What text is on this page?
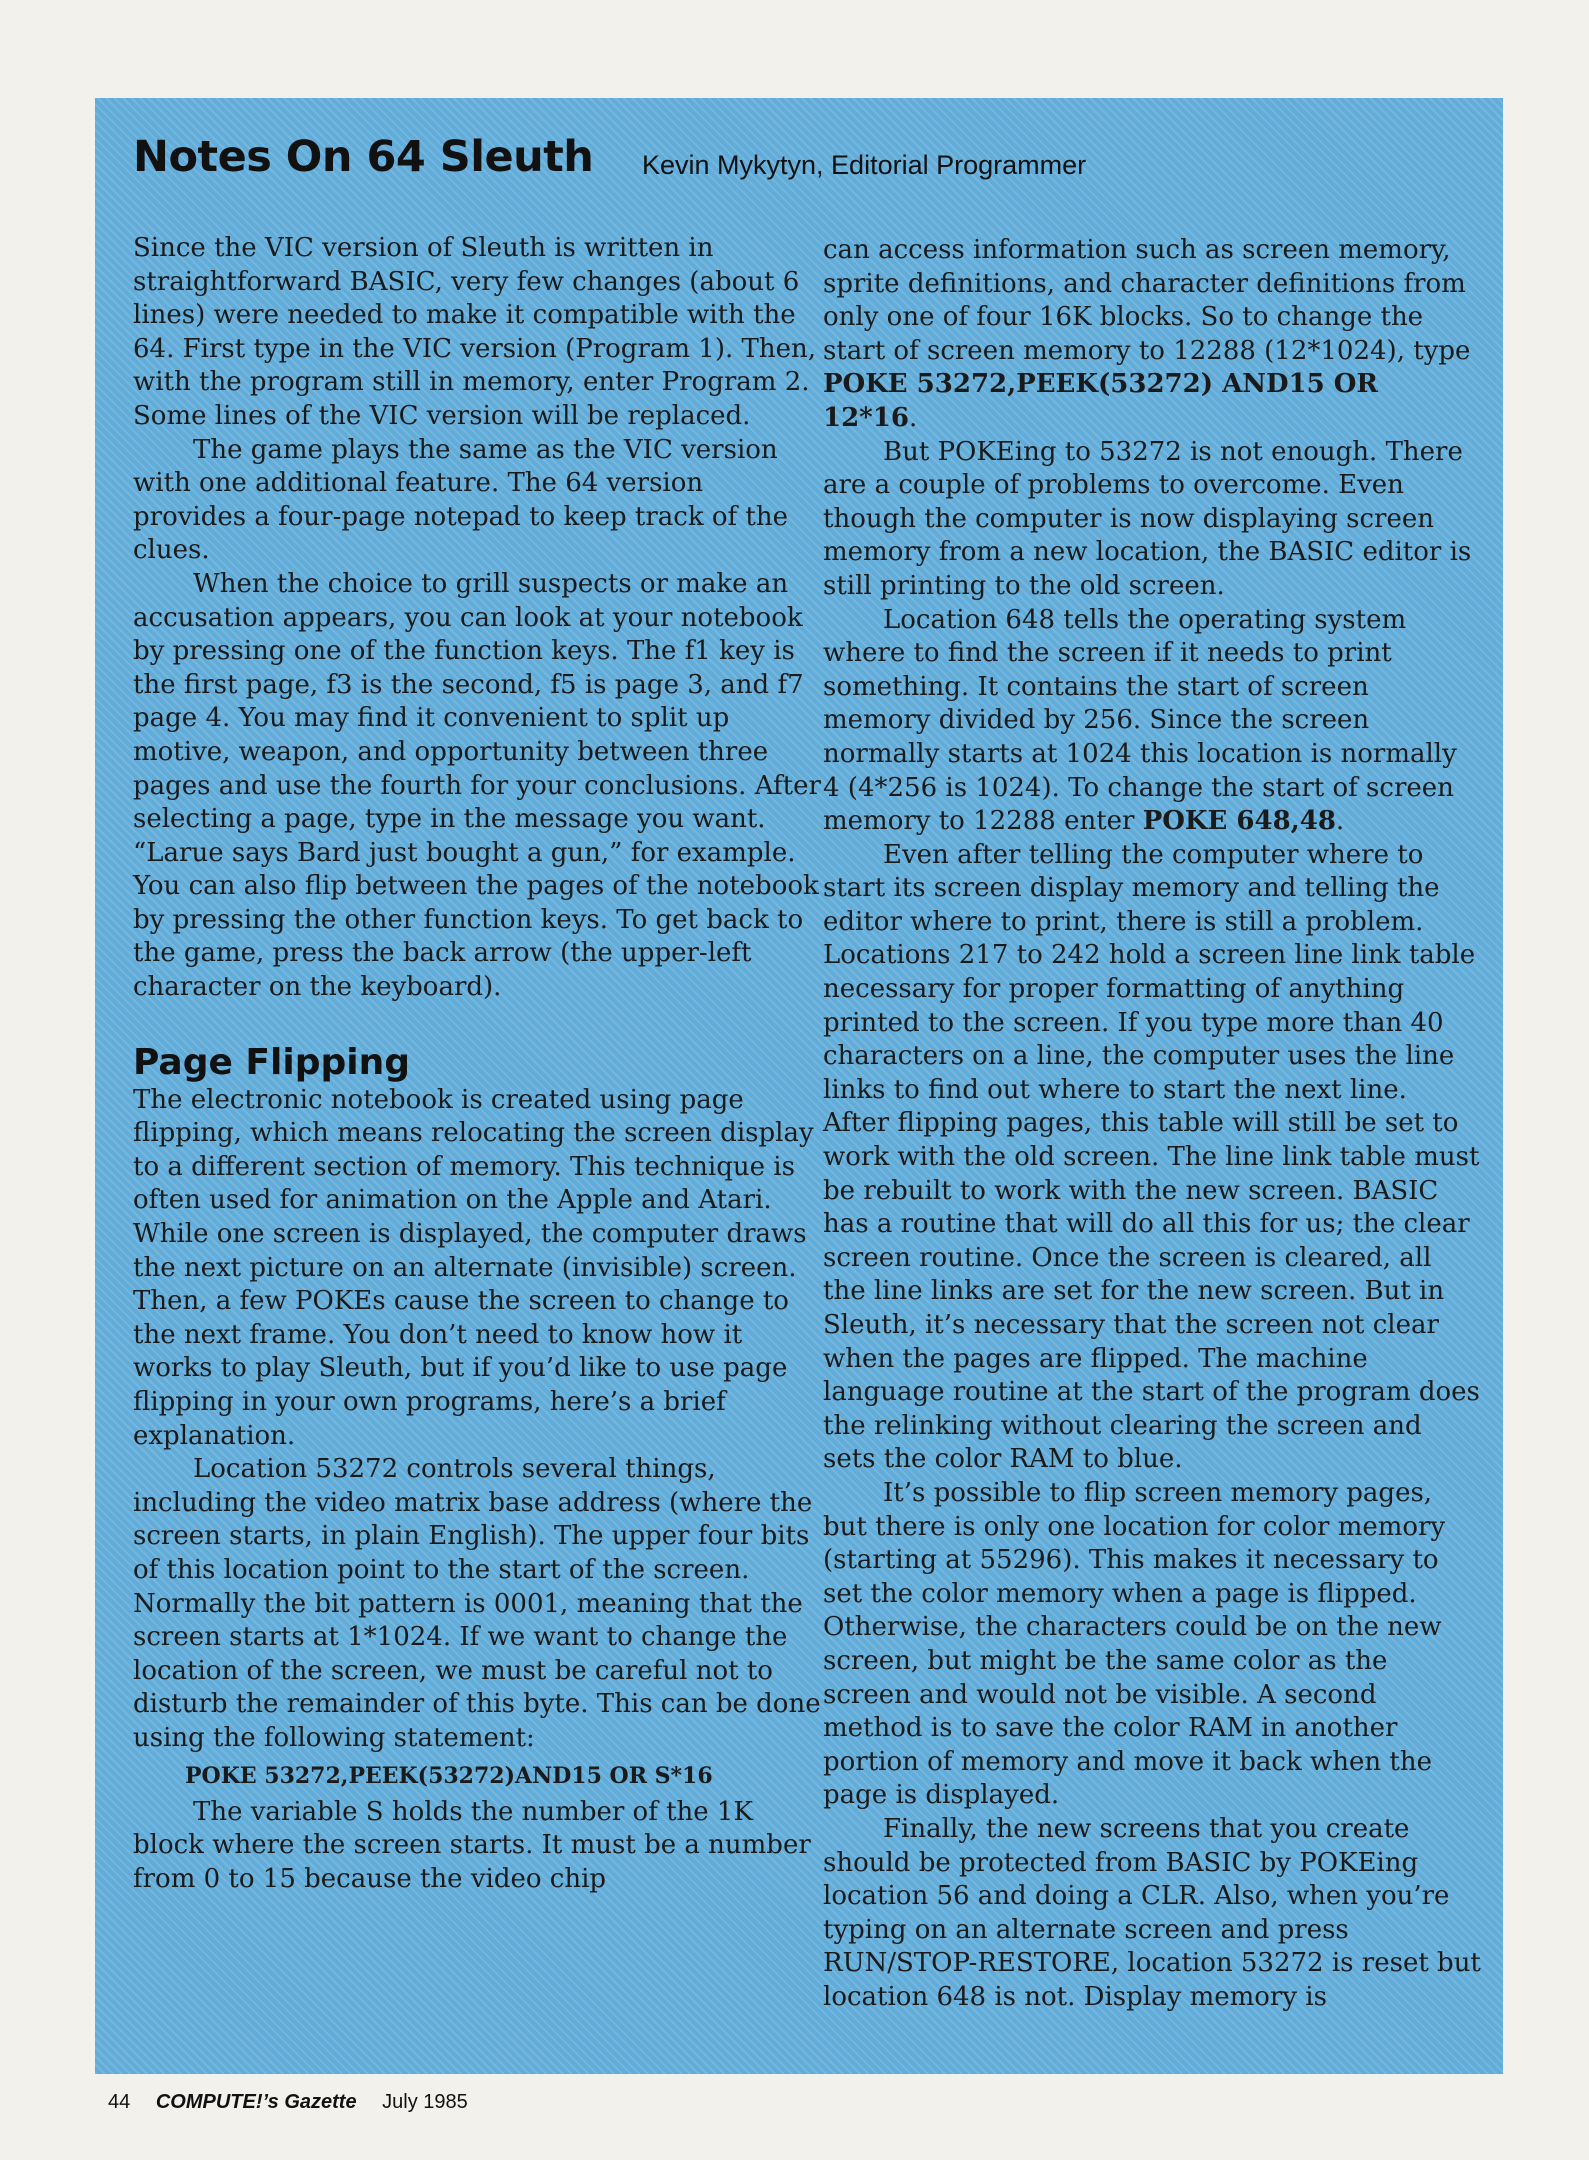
Notes On 64 Sleuth Kevin Mykytyn, Editorial Programmer

Since the VIC version of Sleuth is written in straightforward BASIC, very few changes (about 6 lines) were needed to make it compatible with the 64. First type in the VIC version (Program 1). Then, with the program still in memory, enter Program 2. Some lines of the VIC version will be replaced.

The game plays the same as the VIC version with one additional feature. The 64 version provides a four-page notepad to keep track of the clues.

When the choice to grill suspects or make an accusation appears, you can look at your notebook by pressing one of the function keys. The f1 key is the first page, f3 is the second, f5 is page 3, and f7 page 4. You may find it convenient to split up motive, weapon, and opportunity between three pages and use the fourth for your conclusions. After selecting a page, type in the message you want. “Larue says Bard just bought a gun,” for example. You can also flip between the pages of the notebook by pressing the other function keys. To get back to the game, press the back arrow (the upper-left character on the keyboard).

Page Flipping

The electronic notebook is created using page flipping, which means relocating the screen display to a different section of memory. This technique is often used for animation on the Apple and Atari. While one screen is displayed, the computer draws the next picture on an alternate (invisible) screen. Then, a few POKEs cause the screen to change to the next frame. You don’t need to know how it works to play Sleuth, but if you’d like to use page flipping in your own programs, here’s a brief explanation.

Location 53272 controls several things, including the video matrix base address (where the screen starts, in plain English). The upper four bits of this location point to the start of the screen. Normally the bit pattern is 0001, meaning that the screen starts at 1*1024. If we want to change the location of the screen, we must be careful not to disturb the remainder of this byte. This can be done using the following statement:

POKE 53272,PEEK(53272)AND15 OR S*16

The variable S holds the number of the 1K block where the screen starts. It must be a number from 0 to 15 because the video chip

can access information such as screen memory, sprite definitions, and character definitions from only one of four 16K blocks. So to change the start of screen memory to 12288 (12*1024), type POKE 53272,PEEK(53272) AND15 OR 12*16.

But POKEing to 53272 is not enough. There are a couple of problems to overcome. Even though the computer is now displaying screen memory from a new location, the BASIC editor is still printing to the old screen.

Location 648 tells the operating system where to find the screen if it needs to print something. It contains the start of screen memory divided by 256. Since the screen normally starts at 1024 this location is normally 4 (4*256 is 1024). To change the start of screen memory to 12288 enter POKE 648,48.

Even after telling the computer where to start its screen display memory and telling the editor where to print, there is still a problem. Locations 217 to 242 hold a screen line link table necessary for proper formatting of anything printed to the screen. If you type more than 40 characters on a line, the computer uses the line links to find out where to start the next line. After flipping pages, this table will still be set to work with the old screen. The line link table must be rebuilt to work with the new screen. BASIC has a routine that will do all this for us; the clear screen routine. Once the screen is cleared, all the line links are set for the new screen. But in Sleuth, it’s necessary that the screen not clear when the pages are flipped. The machine language routine at the start of the program does the relinking without clearing the screen and sets the color RAM to blue.

It’s possible to flip screen memory pages, but there is only one location for color memory (starting at 55296). This makes it necessary to set the color memory when a page is flipped. Otherwise, the characters could be on the new screen, but might be the same color as the screen and would not be visible. A second method is to save the color RAM in another portion of memory and move it back when the page is displayed.

Finally, the new screens that you create should be protected from BASIC by POKEing location 56 and doing a CLR. Also, when you’re typing on an alternate screen and press RUN/STOP-RESTORE, location 53272 is reset but location 648 is not. Display memory is

44 COMPUTE!’s Gazette July 1985
